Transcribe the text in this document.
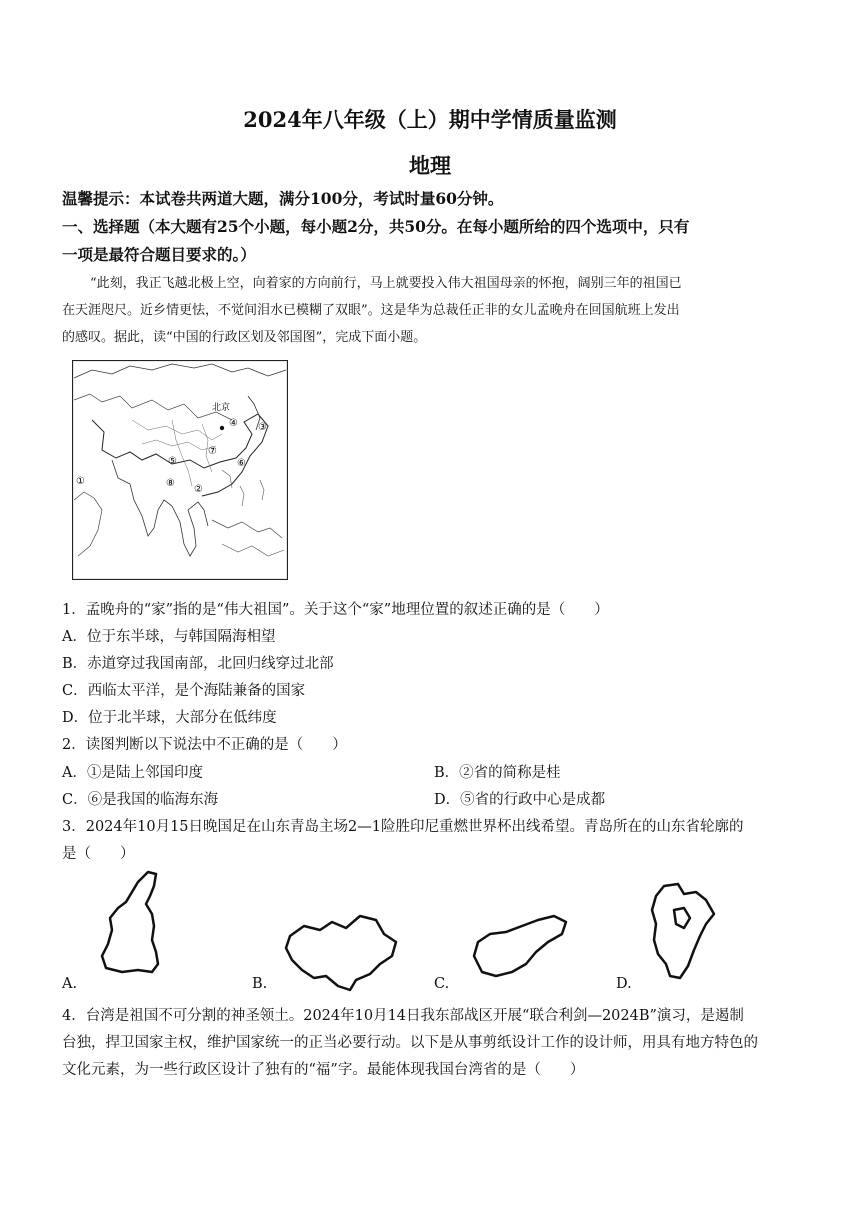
2024年八年级（上）期中学情质量监测
地理
温馨提示：本试卷共两道大题，满分100分，考试时量60分钟。
一、选择题（本大题有25个小题，每小题2分，共50分。在每小题所给的四个选项中，只有
一项是最符合题目要求的。）
“此刻，我正飞越北极上空，向着家的方向前行，马上就要投入伟大祖国母亲的怀抱，阔别三年的祖国已
在天涯咫尺。近乡情更怯，不觉间泪水已模糊了双眼”。这是华为总裁任正非的女儿孟晚舟在回国航班上发出
的感叹。据此，读“中国的行政区划及邻国图”，完成下面小题。
北京
①
②
③
④
⑤	⑥
⑦
⑧
1．孟晚舟的“家”指的是“伟大祖国”。关于这个“家”地理位置的叙述正确的是（　　）
A．位于东半球，与韩国隔海相望
B．赤道穿过我国南部，北回归线穿过北部
C．西临太平洋，是个海陆兼备的国家
D．位于北半球，大部分在低纬度
2．读图判断以下说法中不正确的是（　　）
A．①是陆上邻国印度	B．②省的简称是桂
C．⑥是我国的临海东海	D．⑤省的行政中心是成都
3．2024年10月15日晚国足在山东青岛主场2—1险胜印尼重燃世界杯出线希望。青岛所在的山东省轮廓的
是（　　）
A.	B.	C.	D.
4．台湾是祖国不可分割的神圣领土。2024年10月14日我东部战区开展“联合利剑—2024B”演习，是遏制
台独，捍卫国家主权，维护国家统一的正当必要行动。以下是从事剪纸设计工作的设计师，用具有地方特色的
文化元素，为一些行政区设计了独有的“福”字。最能体现我国台湾省的是（　　）
